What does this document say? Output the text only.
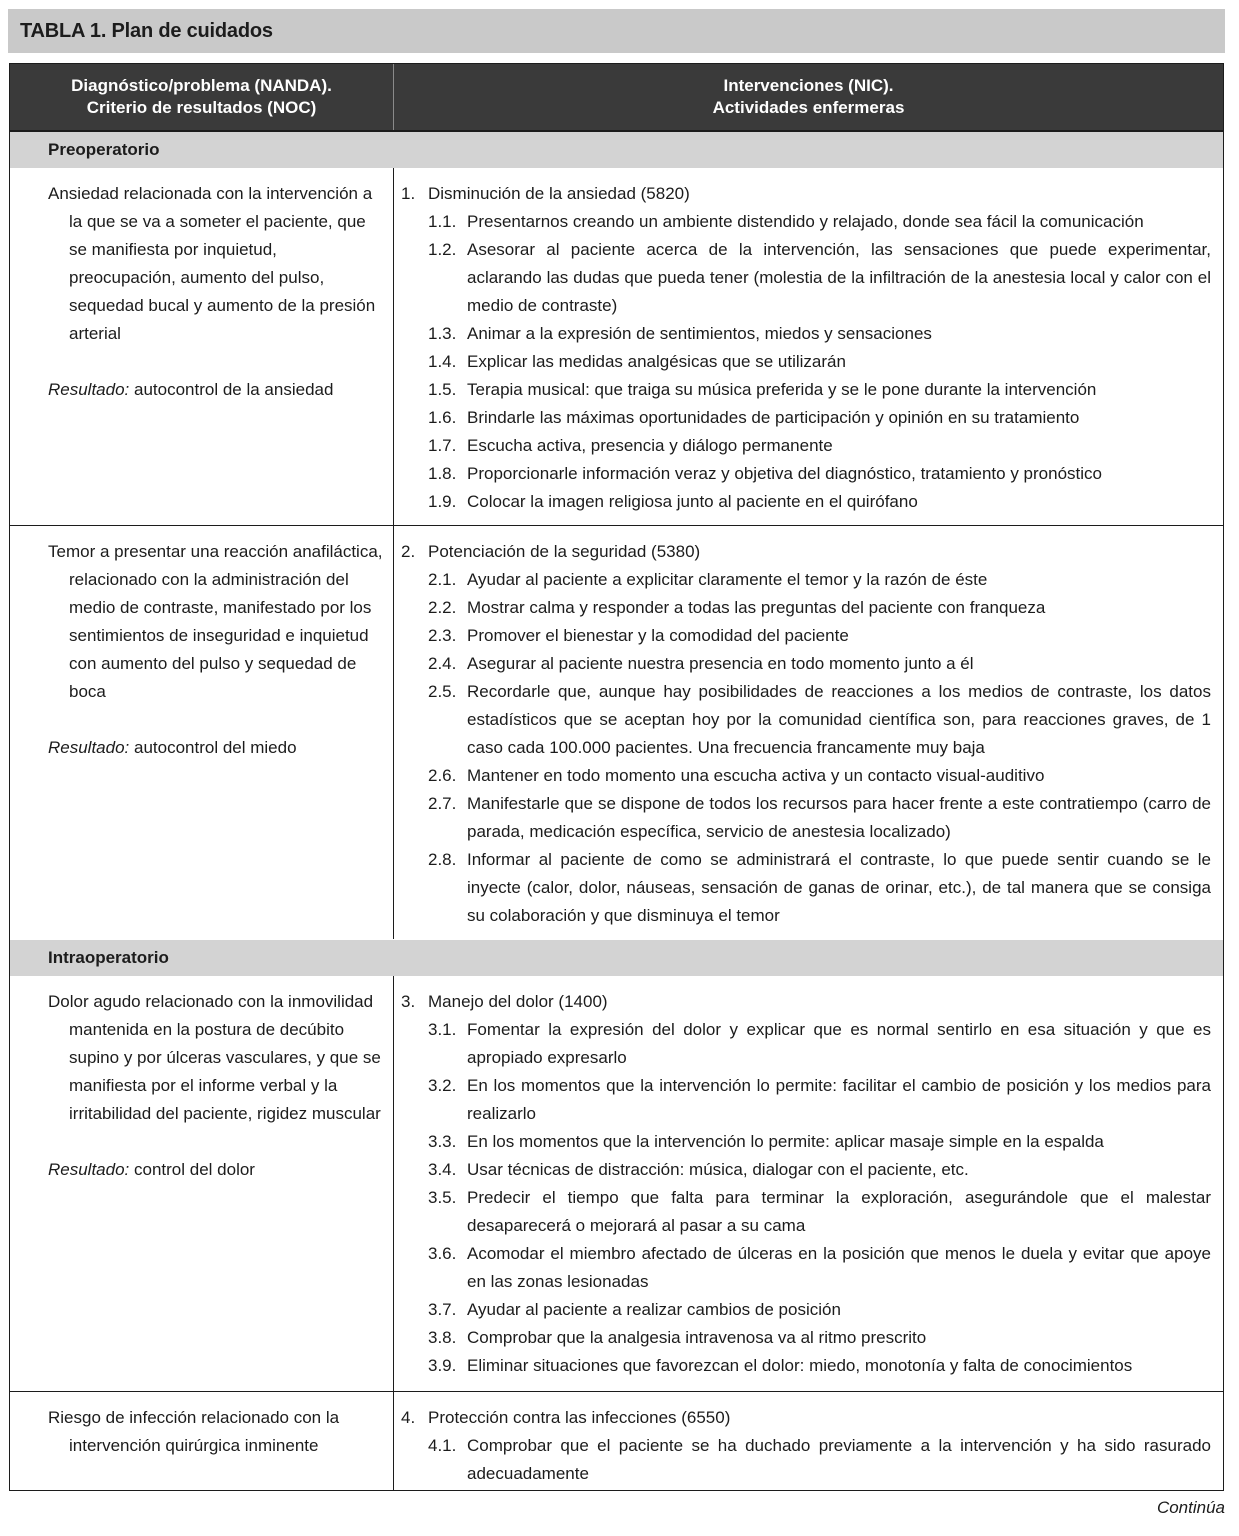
TABLA 1. Plan de cuidados
Diagnóstico/problema (NANDA).
Criterio de resultados (NOC)
Intervenciones (NIC).
Actividades enfermeras
Preoperatorio
Ansiedad relacionada con la intervención a la que se va a someter el paciente, que se manifiesta por inquietud, preocupación, aumento del pulso, sequedad bucal y aumento de la presión arterial
Resultado: autocontrol de la ansiedad
1. Disminución de la ansiedad (5820)
1.1. Presentarnos creando un ambiente distendido y relajado, donde sea fácil la comunicación
1.2. Asesorar al paciente acerca de la intervención, las sensaciones que puede experimentar, aclarando las dudas que pueda tener (molestia de la infiltración de la anestesia local y calor con el medio de contraste)
1.3. Animar a la expresión de sentimientos, miedos y sensaciones
1.4. Explicar las medidas analgésicas que se utilizarán
1.5. Terapia musical: que traiga su música preferida y se le pone durante la intervención
1.6. Brindarle las máximas oportunidades de participación y opinión en su tratamiento
1.7. Escucha activa, presencia y diálogo permanente
1.8. Proporcionarle información veraz y objetiva del diagnóstico, tratamiento y pronóstico
1.9. Colocar la imagen religiosa junto al paciente en el quirófano
Temor a presentar una reacción anafiláctica, relacionado con la administración del medio de contraste, manifestado por los sentimientos de inseguridad e inquietud con aumento del pulso y sequedad de boca
Resultado: autocontrol del miedo
2. Potenciación de la seguridad (5380)
2.1. Ayudar al paciente a explicitar claramente el temor y la razón de éste
2.2. Mostrar calma y responder a todas las preguntas del paciente con franqueza
2.3. Promover el bienestar y la comodidad del paciente
2.4. Asegurar al paciente nuestra presencia en todo momento junto a él
2.5. Recordarle que, aunque hay posibilidades de reacciones a los medios de contraste, los datos estadísticos que se aceptan hoy por la comunidad científica son, para reacciones graves, de 1 caso cada 100.000 pacientes. Una frecuencia francamente muy baja
2.6. Mantener en todo momento una escucha activa y un contacto visual-auditivo
2.7. Manifestarle que se dispone de todos los recursos para hacer frente a este contratiempo (carro de parada, medicación específica, servicio de anestesia localizado)
2.8. Informar al paciente de como se administrará el contraste, lo que puede sentir cuando se le inyecte (calor, dolor, náuseas, sensación de ganas de orinar, etc.), de tal manera que se consiga su colaboración y que disminuya el temor
Intraoperatorio
Dolor agudo relacionado con la inmovilidad mantenida en la postura de decúbito supino y por úlceras vasculares, y que se manifiesta por el informe verbal y la irritabilidad del paciente, rigidez muscular
Resultado: control del dolor
3. Manejo del dolor (1400)
3.1. Fomentar la expresión del dolor y explicar que es normal sentirlo en esa situación y que es apropiado expresarlo
3.2. En los momentos que la intervención lo permite: facilitar el cambio de posición y los medios para realizarlo
3.3. En los momentos que la intervención lo permite: aplicar masaje simple en la espalda
3.4. Usar técnicas de distracción: música, dialogar con el paciente, etc.
3.5. Predecir el tiempo que falta para terminar la exploración, asegurándole que el malestar desaparecerá o mejorará al pasar a su cama
3.6. Acomodar el miembro afectado de úlceras en la posición que menos le duela y evitar que apoye en las zonas lesionadas
3.7. Ayudar al paciente a realizar cambios de posición
3.8. Comprobar que la analgesia intravenosa va al ritmo prescrito
3.9. Eliminar situaciones que favorezcan el dolor: miedo, monotonía y falta de conocimientos
Riesgo de infección relacionado con la intervención quirúrgica inminente
4. Protección contra las infecciones (6550)
4.1. Comprobar que el paciente se ha duchado previamente a la intervención y ha sido rasurado adecuadamente
Continúa
